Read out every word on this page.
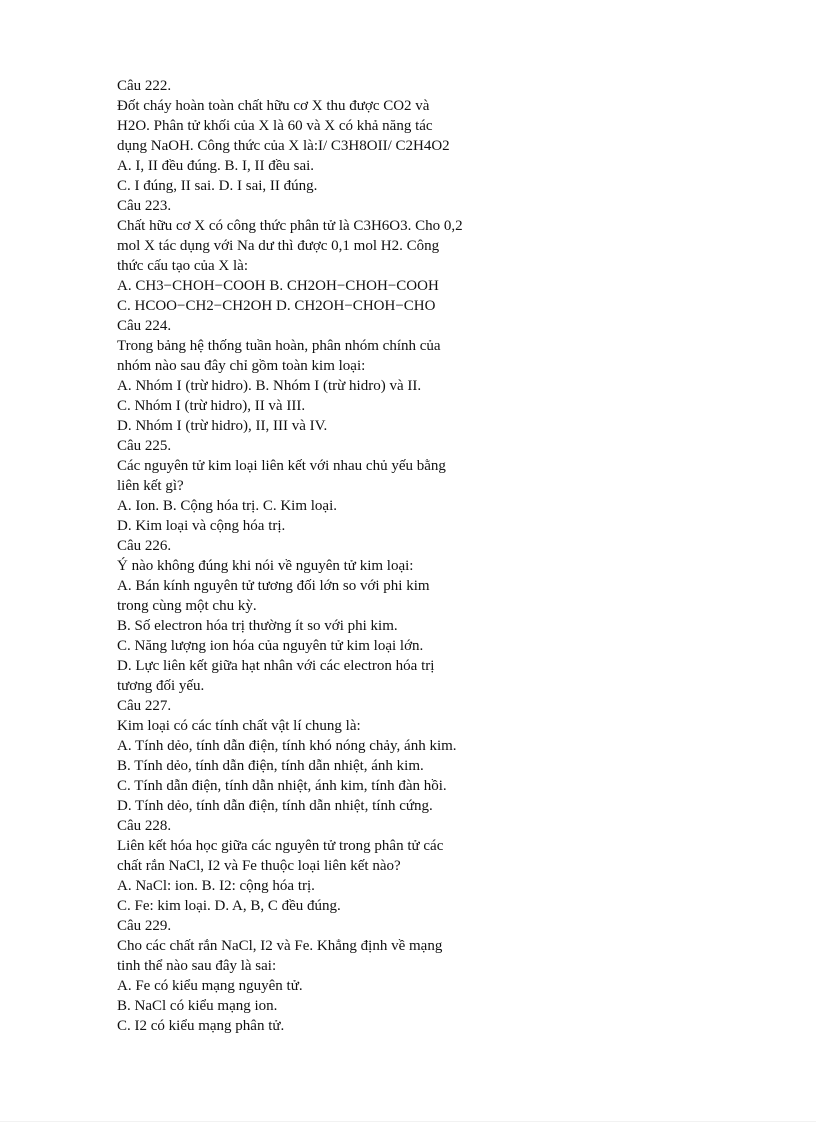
Câu 222.
Đốt cháy hoàn toàn chất hữu cơ X thu được CO2 và
H2O. Phân tử khối của X là 60 và X có khả năng tác
dụng NaOH. Công thức của X là:I/ C3H8OII/ C2H4O2
A. I, II đều đúng. B. I, II đều sai.
C. I đúng, II sai. D. I sai, II đúng.
Câu 223.
Chất hữu cơ X có công thức phân tử là C3H6O3. Cho 0,2
mol X tác dụng với Na dư thì được 0,1 mol H2. Công
thức cấu tạo của X là:
A. CH3−CHOH−COOH B. CH2OH−CHOH−COOH
C. HCOO−CH2−CH2OH D. CH2OH−CHOH−CHO
Câu 224.
Trong bảng hệ thống tuần hoàn, phân nhóm chính của
nhóm nào sau đây chỉ gồm toàn kim loại:
A. Nhóm I (trừ hidro). B. Nhóm I (trừ hidro) và II.
C. Nhóm I (trừ hidro), II và III.
D. Nhóm I (trừ hidro), II, III và IV.
Câu 225.
Các nguyên tử kim loại liên kết với nhau chủ yếu bằng
liên kết gì?
A. Ion. B. Cộng hóa trị. C. Kim loại.
D. Kim loại và cộng hóa trị.
Câu 226.
Ý nào không đúng khi nói về nguyên tử kim loại:
A. Bán kính nguyên tử tương đối lớn so với phi kim
trong cùng một chu kỳ.
B. Số electron hóa trị thường ít so với phi kim.
C. Năng lượng ion hóa của nguyên tử kim loại lớn.
D. Lực liên kết giữa hạt nhân với các electron hóa trị
tương đối yếu.
Câu 227.
Kim loại có các tính chất vật lí chung là:
A. Tính dẻo, tính dẫn điện, tính khó nóng chảy, ánh kim.
B. Tính dẻo, tính dẫn điện, tính dẫn nhiệt, ánh kim.
C. Tính dẫn điện, tính dẫn nhiệt, ánh kim, tính đàn hồi.
D. Tính dẻo, tính dẫn điện, tính dẫn nhiệt, tính cứng.
Câu 228.
Liên kết hóa học giữa các nguyên tử trong phân tử các
chất rắn NaCl, I2 và Fe thuộc loại liên kết nào?
A. NaCl: ion. B. I2: cộng hóa trị.
C. Fe: kim loại. D. A, B, C đều đúng.
Câu 229.
Cho các chất rắn NaCl, I2 và Fe. Khẳng định về mạng
tinh thể nào sau đây là sai:
A. Fe có kiểu mạng nguyên tử.
B. NaCl có kiểu mạng ion.
C. I2 có kiểu mạng phân tử.
